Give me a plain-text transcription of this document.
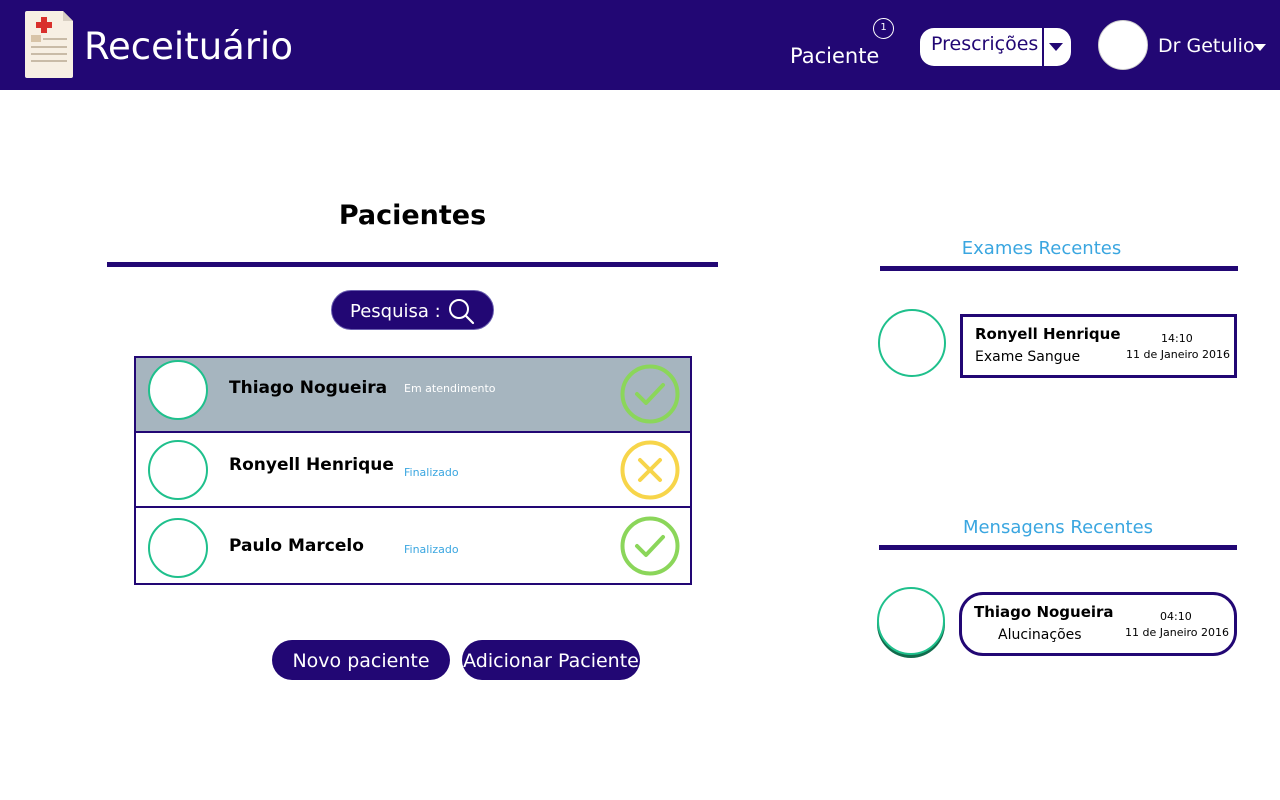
Receituário	Paciente
1
Prescrições	Dr Getulio
Pacientes
Pesquisa :
Thiago Nogueira Em atendimento
Ronyell Henrique Finalizado
Paulo Marcelo	Finalizado
Novo paciente	Adicionar Paciente
Exames Recentes
Ronyell Henrique
Exame Sangue
14:10
11 de Janeiro 2016
Mensagens Recentes
Thiago Nogueira
Alucinações
04:10
11 de Janeiro 2016
